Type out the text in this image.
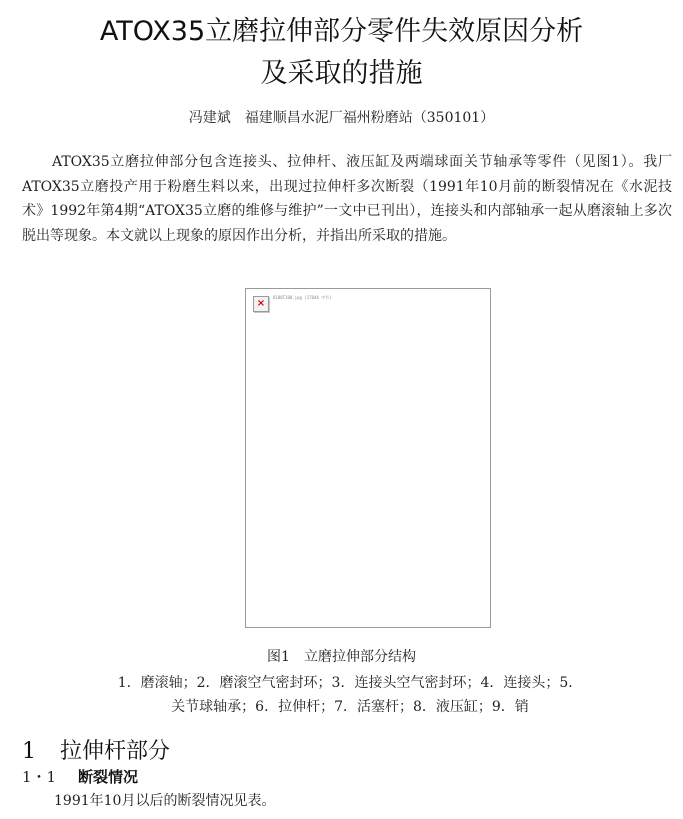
ATOX35立磨拉伸部分零件失效原因分析
及采取的措施
冯建斌　福建顺昌水泥厂福州粉磨站（350101）
ATOX35立磨拉伸部分包含连接头、拉伸杆、液压缸及两端球面关节轴承等零件（见图1）。我厂ATOX35立磨投产用于粉磨生料以来，出现过拉伸杆多次断裂（1991年10月前的断裂情况在《水泥技术》1992年第4期“ATOX35立磨的维修与维护”一文中已刊出），连接头和内部轴承一起从磨滚轴上多次脱出等现象。本文就以上现象的原因作出分析，并指出所采取的措施。
×
0100T100.jpg (17844 字节)
图1　立磨拉伸部分结构
1．磨滚轴；2．磨滚空气密封环；3．连接头空气密封环；4．连接头；5．关节球轴承；6．拉伸杆；7．活塞杆；8．液压缸；9．销
1 拉伸杆部分
1・1 断裂情况
1991年10月以后的断裂情况见表。
